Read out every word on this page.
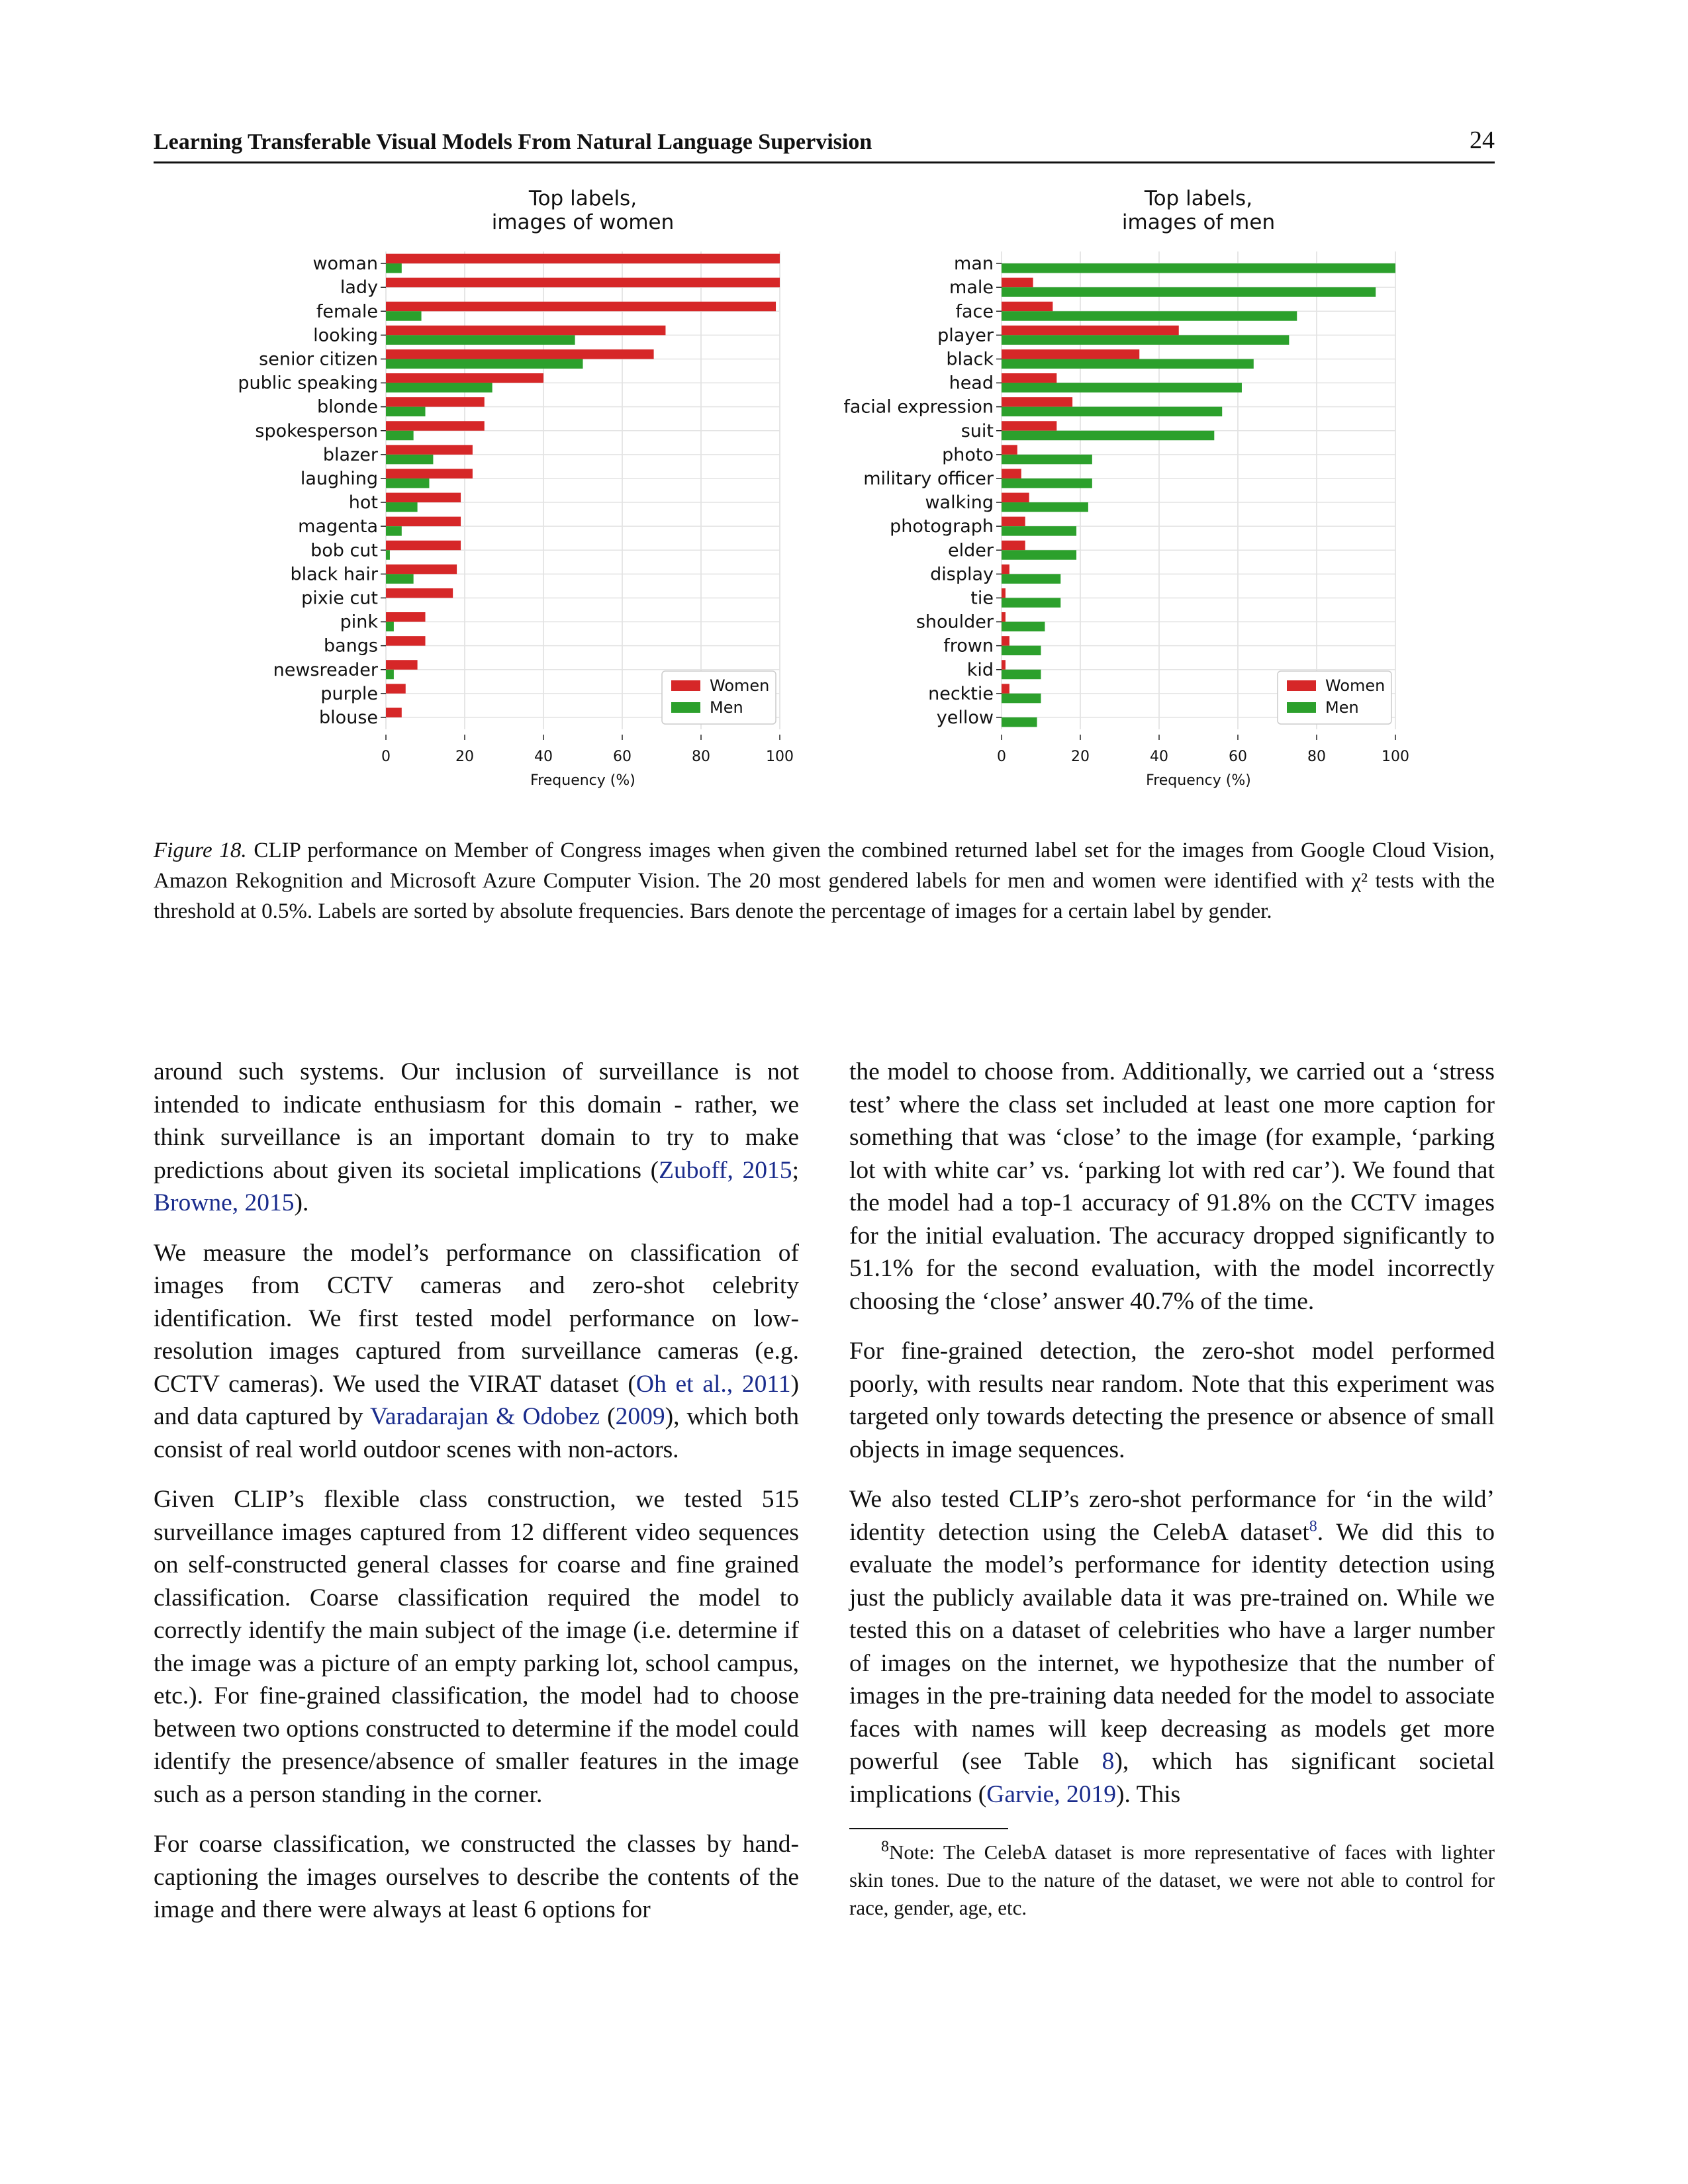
Learning Transferable Visual Models From Natural Language Supervision	24
Top labels,
images of women
woman
lady
female
looking
senior citizen
public speaking
blonde
spokesperson
blazer
laughing
hot
magenta
bob cut
black hair
pixie cut
pink
bangs
newsreader
purple
blouse
0	20	40	60	80	100
Frequency (%)
Women
Men
Top labels,
images of men
man
male
face
player
black
head
facial expression
suit
photo
military officer
walking
photograph
elder
display
tie
shoulder
frown
kid
necktie
yellow
0	20	40	60	80	100
Frequency (%)
Women
Men
Figure 18. CLIP performance on Member of Congress images when given the combined returned label set for the images from Google Cloud Vision, Amazon Rekognition and Microsoft Azure Computer Vision. The 20 most gendered labels for men and women were identified with χ² tests with the threshold at 0.5%. Labels are sorted by absolute frequencies. Bars denote the percentage of images for a certain label by gender.

around such systems. Our inclusion of surveillance is not intended to indicate enthusiasm for this domain - rather, we think surveillance is an important domain to try to make predictions about given its societal implications (Zuboff, 2015; Browne, 2015).

We measure the model’s performance on classification of images from CCTV cameras and zero-shot celebrity identification. We first tested model performance on low-resolution images captured from surveillance cameras (e.g. CCTV cameras). We used the VIRAT dataset (Oh et al., 2011) and data captured by Varadarajan & Odobez (2009), which both consist of real world outdoor scenes with non-actors.

Given CLIP’s flexible class construction, we tested 515 surveillance images captured from 12 different video sequences on self-constructed general classes for coarse and fine grained classification. Coarse classification required the model to correctly identify the main subject of the image (i.e. determine if the image was a picture of an empty parking lot, school campus, etc.). For fine-grained classification, the model had to choose between two options constructed to determine if the model could identify the presence/absence of smaller features in the image such as a person standing in the corner.

For coarse classification, we constructed the classes by hand-captioning the images ourselves to describe the contents of the image and there were always at least 6 options for

the model to choose from. Additionally, we carried out a ‘stress test’ where the class set included at least one more caption for something that was ‘close’ to the image (for example, ‘parking lot with white car’ vs. ‘parking lot with red car’). We found that the model had a top-1 accuracy of 91.8% on the CCTV images for the initial evaluation. The accuracy dropped significantly to 51.1% for the second evaluation, with the model incorrectly choosing the ‘close’ answer 40.7% of the time.

For fine-grained detection, the zero-shot model performed poorly, with results near random. Note that this experiment was targeted only towards detecting the presence or absence of small objects in image sequences.

We also tested CLIP’s zero-shot performance for ‘in the wild’ identity detection using the CelebA dataset$^8$. We did this to evaluate the model’s performance for identity detection using just the publicly available data it was pre-trained on. While we tested this on a dataset of celebrities who have a larger number of images on the internet, we hypothesize that the number of images in the pre-training data needed for the model to associate faces with names will keep decreasing as models get more powerful (see Table 8), which has significant societal implications (Garvie, 2019). This

$^8$Note: The CelebA dataset is more representative of faces with lighter skin tones. Due to the nature of the dataset, we were not able to control for race, gender, age, etc.
